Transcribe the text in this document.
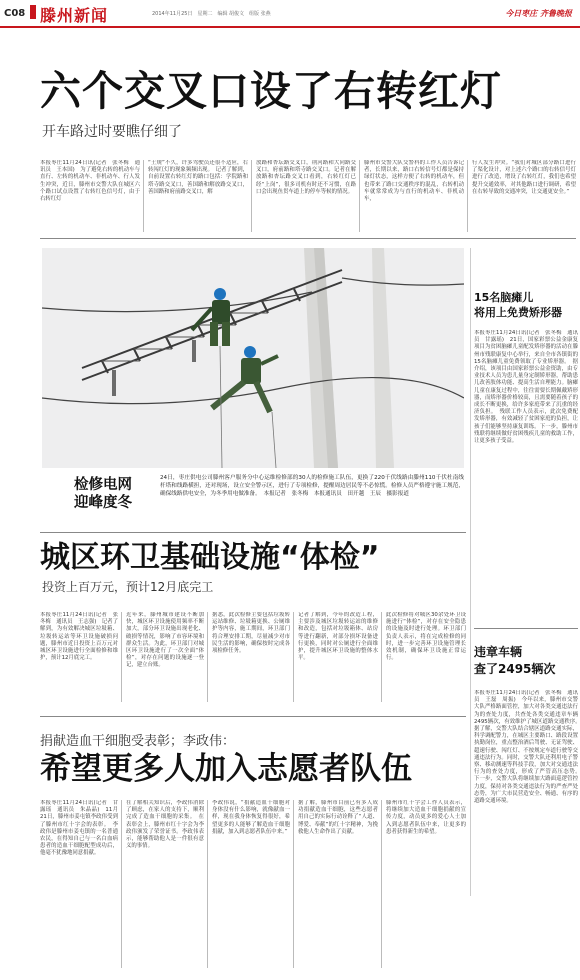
C08 滕州新闻	2014年11月25日　星期二　编辑 胡俊文　组版 张燕	今日枣庄 齐鲁晚报
六个交叉口设了右转红灯
开车路过时要瞧仔细了
本报枣庄11月24日讯(记者　张冬梅　通讯员　王本国)　为了避免右转的机动车与直行、左转的机动车、非机动车、行人发生冲突，近日，滕州市交警大队在城区六个路口试点设置了右转红色信号灯，由于右转红灯
“土规”不久，许多驾驶员还很不适应，右转闯红灯的现象频频出现。　记者了解到，自前设置右转红灯的路口包括：学院路和塔寺路交叉口，善国路和解放路交叉口，善国路和府前路交叉口，解
放路和杏坛路交叉口，荆河路和大同路交叉口，府前路和塔寺路交叉口。记者在解放路和杏坛路交叉口看到，右转红灯已经“上岗”，很多司机有时还不习惯，在路口会出现鱼贯车道上的停车等候的情况。
滕州市交警大队交警科的工作人员告诉记者，长期以来，路口右转信号灯都是保持绿灯状态，这样方便了右转的机动车，但也带来了路口交通秩序的混乱，右转机动车就常常成为与直行的机动车、非机动车，
行人发生冲突。“我们对城区部分路口进行了渠化设计，对上述六个路口的右转信号灯进行了改造，增设了右转红灯，我们也希望提升交通效率，对其他路口进行调研，希望在右转导致的交通冲突，让交通更安全。”
检修电网
迎峰度冬
24日，枣庄供电公司滕州客户服务分中心运维检修部的30人的检修施工队伍，更换了220千伏线路由滕州110千伏杜南线杆塔和线路横担，还对现场，设立安全警示区，进行了专项检修，提醒周边居民等不必惊慌。检修人员严格遵守施工规范，确保线路供电安全，为冬季用电做准备。　本报记者　张冬梅　本报通讯员　田开越　王辰　摄影报道
15名脑瘫儿
将用上免费矫形器
本报枣庄11月24日讯(记者　张冬梅　通讯员　甘露瑶)　21日，国家彩票公益金康复项目为贫困脑瘫儿童配发矫形器的活动在滕州市残联康复中心举行，来自全市各镇街的15名脑瘫儿童免费领取了专业矫形器。　据介绍，该项目由国家彩票公益金资助，由专业技术人员为患儿量身定制矫形器，帮助患儿改善肢体功能、提高生活自理能力。脑瘫儿童在康复过程中，往往需要长期佩戴矫形器，而矫形器价格较高，且需要随着孩子的成长不断更换，给许多家庭带来了沉重的经济负担。　残联工作人员表示，此次免费配发矫形器，有效减轻了贫困家庭的负担，让孩子们能够坚持康复训练。下一步，滕州市残联将继续做好贫困残疾儿童的救助工作，让更多孩子受益。
违章车辆
查了2495辆次
本报枣庄11月24日讯(记者　张冬梅　通讯员　王磊　周振)　今年以来，滕州市交警大队严格路面管控，加大对各类交通违法行为的查处力度，共查处各类交通违章车辆2495辆次，有效维护了城区道路交通秩序。　据了解，交警大队结合辖区道路交通实际，科学调配警力，在城区主要路口、路段设置执勤岗位，重点整治酒后驾驶、无证驾驶、超速行驶、闯红灯、不按规定车道行驶等交通违法行为。同时，交警大队还利用电子警察、移动测速等科技手段，加大对交通违法行为的查处力度，形成了严管高压态势。　下一步，交警大队将继续加大路面巡逻管控力度，保持对各类交通违法行为的严查严处态势，为广大市民营造安全、畅通、有序的道路交通环境。
城区环卫基础设施“体检”
投资上百万元，预计12月底完工
本报枣庄11月24日讯(记者　张冬梅　通讯员　王志强)　记者了解到，为有效解决城区垃圾箱、垃圾转运站等环卫设施破损问题，滕州市近日投资上百万元对城区环卫设施进行全面检修和维护，预计12月底完工。
近年来，滕州城市建设不断加快，城区环卫设施使用频率不断加大，部分环卫设施出现老化、破损等情况，影响了市容环境和群众生活。为此，环卫部门对城区环卫设施进行了一次全面“体检”，对存在问题的设施逐一登记，建立台账。
据悉，此次检修主要包括垃圾转运站维修、垃圾箱更换、公厕维护等内容，施工期间，环卫部门将合理安排工期，尽量减少对市民生活的影响，确保按时完成各项检修任务。
记者了解到，今年的改造工程，主要涉及城区垃圾转运站的维修和改造，包括对垃圾箱体、站房等进行翻新，对部分损坏设备进行更换，同时对公厕进行全面维护，提升城区环卫设施的整体水平。
此次检修将对城区30余处环卫设施进行“体检”，对存在安全隐患的设施及时进行处理。环卫部门负责人表示，将在完成检修的同时，进一步完善环卫设施管理长效机制，确保环卫设施正常运行。
捐献造血干细胞受表彰；李政伟：
希望更多人加入志愿者队伍
本报枣庄11月24日讯(记者　甘露瑶　通讯员　朱晶晶)　11月21日，滕州市姜屯镇李政伟受到了滕州市红十字会的表彰。　李政伟是滕州市姜屯镇的一名普通农民，在得知自己与一名白血病患者的造血干细胞配型成功后，他毫不犹豫地同意捐献。
在了解相关知识后，李政伟消除了顾虑，在家人的支持下，顺利完成了造血干细胞的采集。　在表彰会上，滕州市红十字会为李政伟颁发了荣誉证书。李政伟表示，能够帮助他人是一件很有意义的事情。
李政伟说，“捐献造血干细胞对身体没有什么影响，就像献血一样，现在我身体恢复得很好，希望更多的人能够了解造血干细胞捐献，加入到志愿者队伍中来。”
据了解，滕州市目前已有多人成功捐献造血干细胞，这些志愿者用自己的实际行动诠释了“人道、博爱、奉献”的红十字精神，为挽救他人生命作出了贡献。
滕州市红十字会工作人员表示，将继续加大造血干细胞捐献的宣传力度，动员更多的爱心人士加入到志愿者队伍中来，让更多的患者获得新生的希望。
